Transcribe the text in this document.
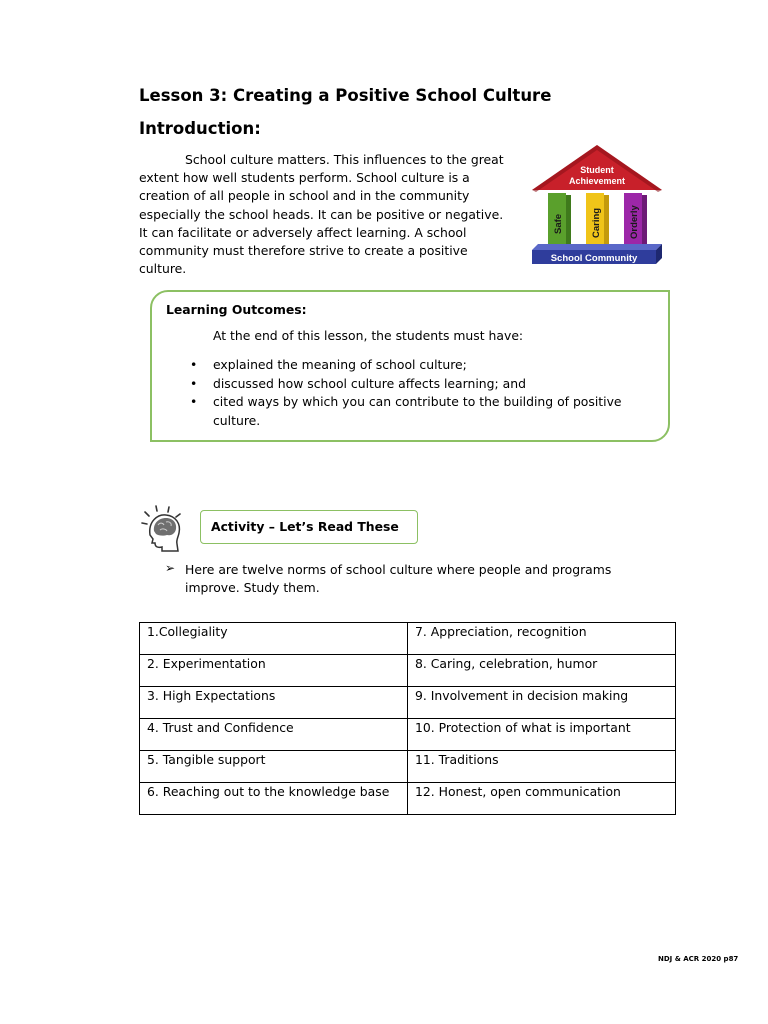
Lesson 3: Creating a Positive School Culture
Introduction:

School culture matters. This influences to the great extent how well students perform. School culture is a creation of all people in school and in the community especially the school heads. It can be positive or negative. It can facilitate or adversely affect learning. A school community must therefore strive to create a positive culture.

Student
Achievement
Safe	Caring	Orderly
School Community
Learning Outcomes:
At the end of this lesson, the students must have:
• explained the meaning of school culture;
• discussed how school culture affects learning; and
• cited ways by which you can contribute to the building of positive culture.
Activity – Let’s Read These
➢ Here are twelve norms of school culture where people and programs improve. Study them.
1.Collegiality	7. Appreciation, recognition
2. Experimentation	8. Caring, celebration, humor
3. High Expectations	9. Involvement in decision making
4. Trust and Confidence	10. Protection of what is important
5. Tangible support	11. Traditions
6. Reaching out to the knowledge base	12. Honest, open communication
NDJ & ACR 2020 p87
